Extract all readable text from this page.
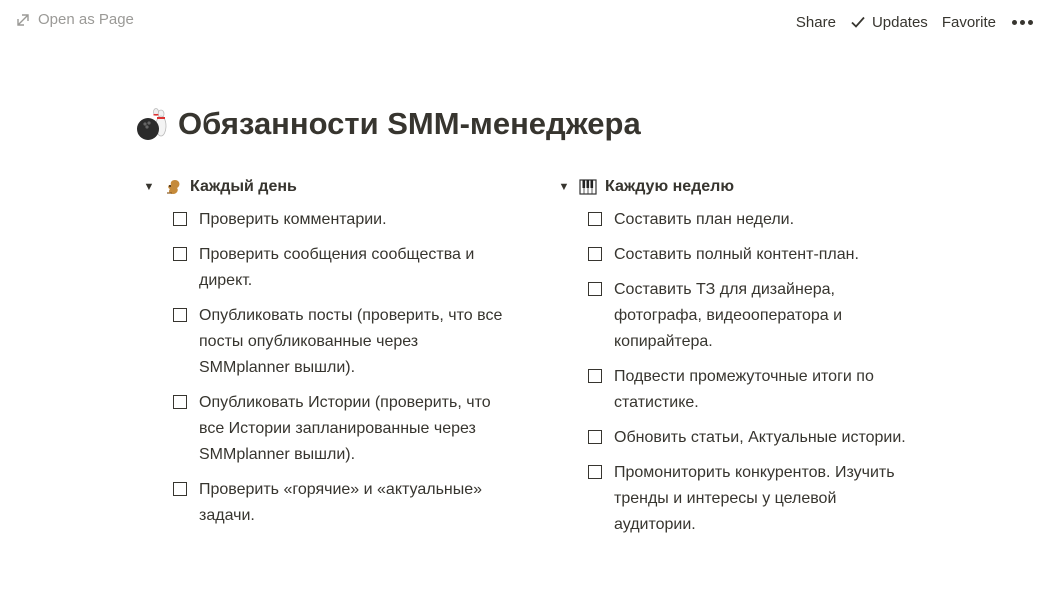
Open as Page	Share Updates Favorite
Обязанности SMM-менеджера
▼ Каждый день
Проверить комментарии.
Проверить сообщения сообщества и директ.
Опубликовать посты (проверить, что все посты опубликованные через SMMplanner вышли).
Опубликовать Истории (проверить, что все Истории запланированные через SMMplanner вышли).
Проверить «горячие» и «актуальные» задачи.
▼ Каждую неделю
Составить план недели.
Составить полный контент-план.
Составить ТЗ для дизайнера, фотографа, видеооператора и копирайтера.
Подвести промежуточные итоги по статистике.
Обновить статьи, Актуальные истории.
Промониторить конкурентов. Изучить тренды и интересы у целевой аудитории.
